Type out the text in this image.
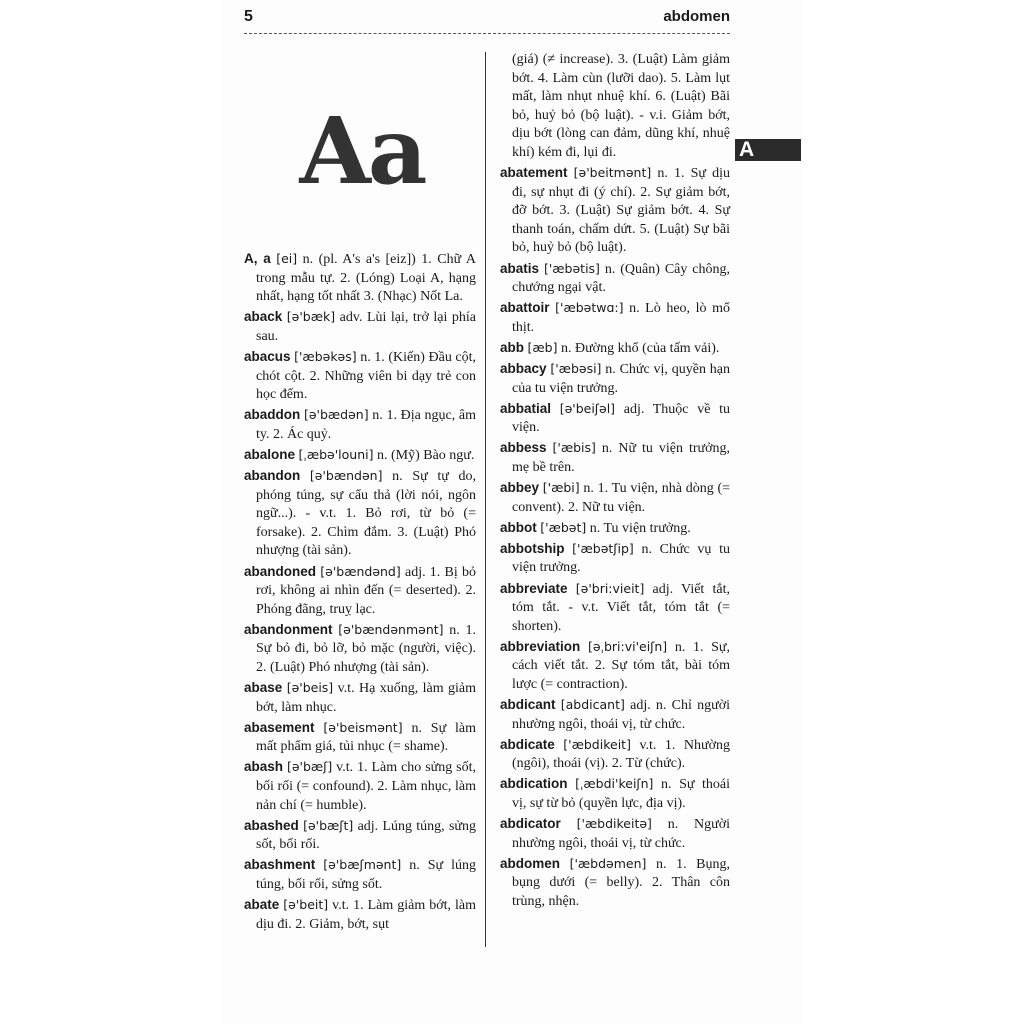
5	abdomen
Aa
A, a [ei] n. (pl. A's a's [eiz]) 1. Chữ A trong mẫu tự. 2. (Lóng) Loại A, hạng nhất, hạng tốt nhất 3. (Nhạc) Nốt La.
aback [ə'bæk] adv. Lùi lại, trở lại phía sau.
abacus ['æbəkəs] n. 1. (Kiến) Đầu cột, chót cột. 2. Những viên bi dạy trẻ con học đếm.
abaddon [ə'bædən] n. 1. Địa ngục, âm ty. 2. Ác quỷ.
abalone [ˌæbə'louni] n. (Mỹ) Bào ngư.
abandon [ə'bændən] n. Sự tự do, phóng túng, sự cẩu thả (lời nói, ngôn ngữ...). - v.t. 1. Bỏ rơi, từ bỏ (= forsake). 2. Chìm đắm. 3. (Luật) Phó nhượng (tài sản).
abandoned [ə'bændənd] adj. 1. Bị bỏ rơi, không ai nhìn đến (= deserted). 2. Phóng đãng, truỵ lạc.
abandonment [ə'bændənmənt] n. 1. Sự bỏ đi, bỏ lỡ, bỏ mặc (người, việc). 2. (Luật) Phó nhượng (tài sản).
abase [ə'beis] v.t. Hạ xuống, làm giảm bớt, làm nhục.
abasement [ə'beismənt] n. Sự làm mất phẩm giá, tủi nhục (= shame).
abash [ə'bæʃ] v.t. 1. Làm cho sửng sốt, bối rối (= confound). 2. Làm nhục, làm nản chí (= humble).
abashed [ə'bæʃt] adj. Lúng túng, sửng sốt, bối rối.
abashment [ə'bæʃmənt] n. Sự lúng túng, bối rối, sửng sốt.
abate [ə'beit] v.t. 1. Làm giảm bớt, làm dịu đi. 2. Giảm, bớt, sụt
(giá) (≠ increase). 3. (Luật) Làm giảm bớt. 4. Làm cùn (lưỡi dao). 5. Làm lụt mất, làm nhụt nhuệ khí. 6. (Luật) Bãi bỏ, huỷ bỏ (bộ luật). - v.i. Giảm bớt, dịu bớt (lòng can đảm, dũng khí, nhuệ khí) kém đi, lụi đi.
abatement [ə'beitmənt] n. 1. Sự dịu đi, sự nhụt đi (ý chí). 2. Sự giảm bớt, đỡ bớt. 3. (Luật) Sự giảm bớt. 4. Sự thanh toán, chấm dứt. 5. (Luật) Sự bãi bỏ, huỷ bỏ (bộ luật).
abatis ['æbətis] n. (Quân) Cây chông, chướng ngại vật.
abattoir ['æbətwɑ:] n. Lò heo, lò mổ thịt.
abb [æb] n. Đường khổ (của tấm vải).
abbacy ['æbəsi] n. Chức vị, quyền hạn của tu viện trưởng.
abbatial [ə'beiʃəl] adj. Thuộc về tu viện.
abbess ['æbis] n. Nữ tu viện trưởng, mẹ bề trên.
abbey ['æbi] n. 1. Tu viện, nhà dòng (= convent). 2. Nữ tu viện.
abbot ['æbət] n. Tu viện trưởng.
abbotship ['æbətʃip] n. Chức vụ tu viện trưởng.
abbreviate [ə'bri:vieit] adj. Viết tắt, tóm tắt. - v.t. Viết tắt, tóm tắt (= shorten).
abbreviation [əˌbri:vi'eiʃn] n. 1. Sự, cách viết tắt. 2. Sự tóm tắt, bài tóm lược (= contraction).
abdicant [abdicant] adj. n. Chỉ người nhường ngôi, thoái vị, từ chức.
abdicate ['æbdikeit] v.t. 1. Nhường (ngôi), thoái (vị). 2. Từ (chức).
abdication [ˌæbdi'keiʃn] n. Sự thoái vị, sự từ bỏ (quyền lực, địa vị).
abdicator ['æbdikeitə] n. Người nhường ngôi, thoái vị, từ chức.
abdomen ['æbdəmen] n. 1. Bụng, bụng dưới (= belly). 2. Thân côn trùng, nhện.
A
